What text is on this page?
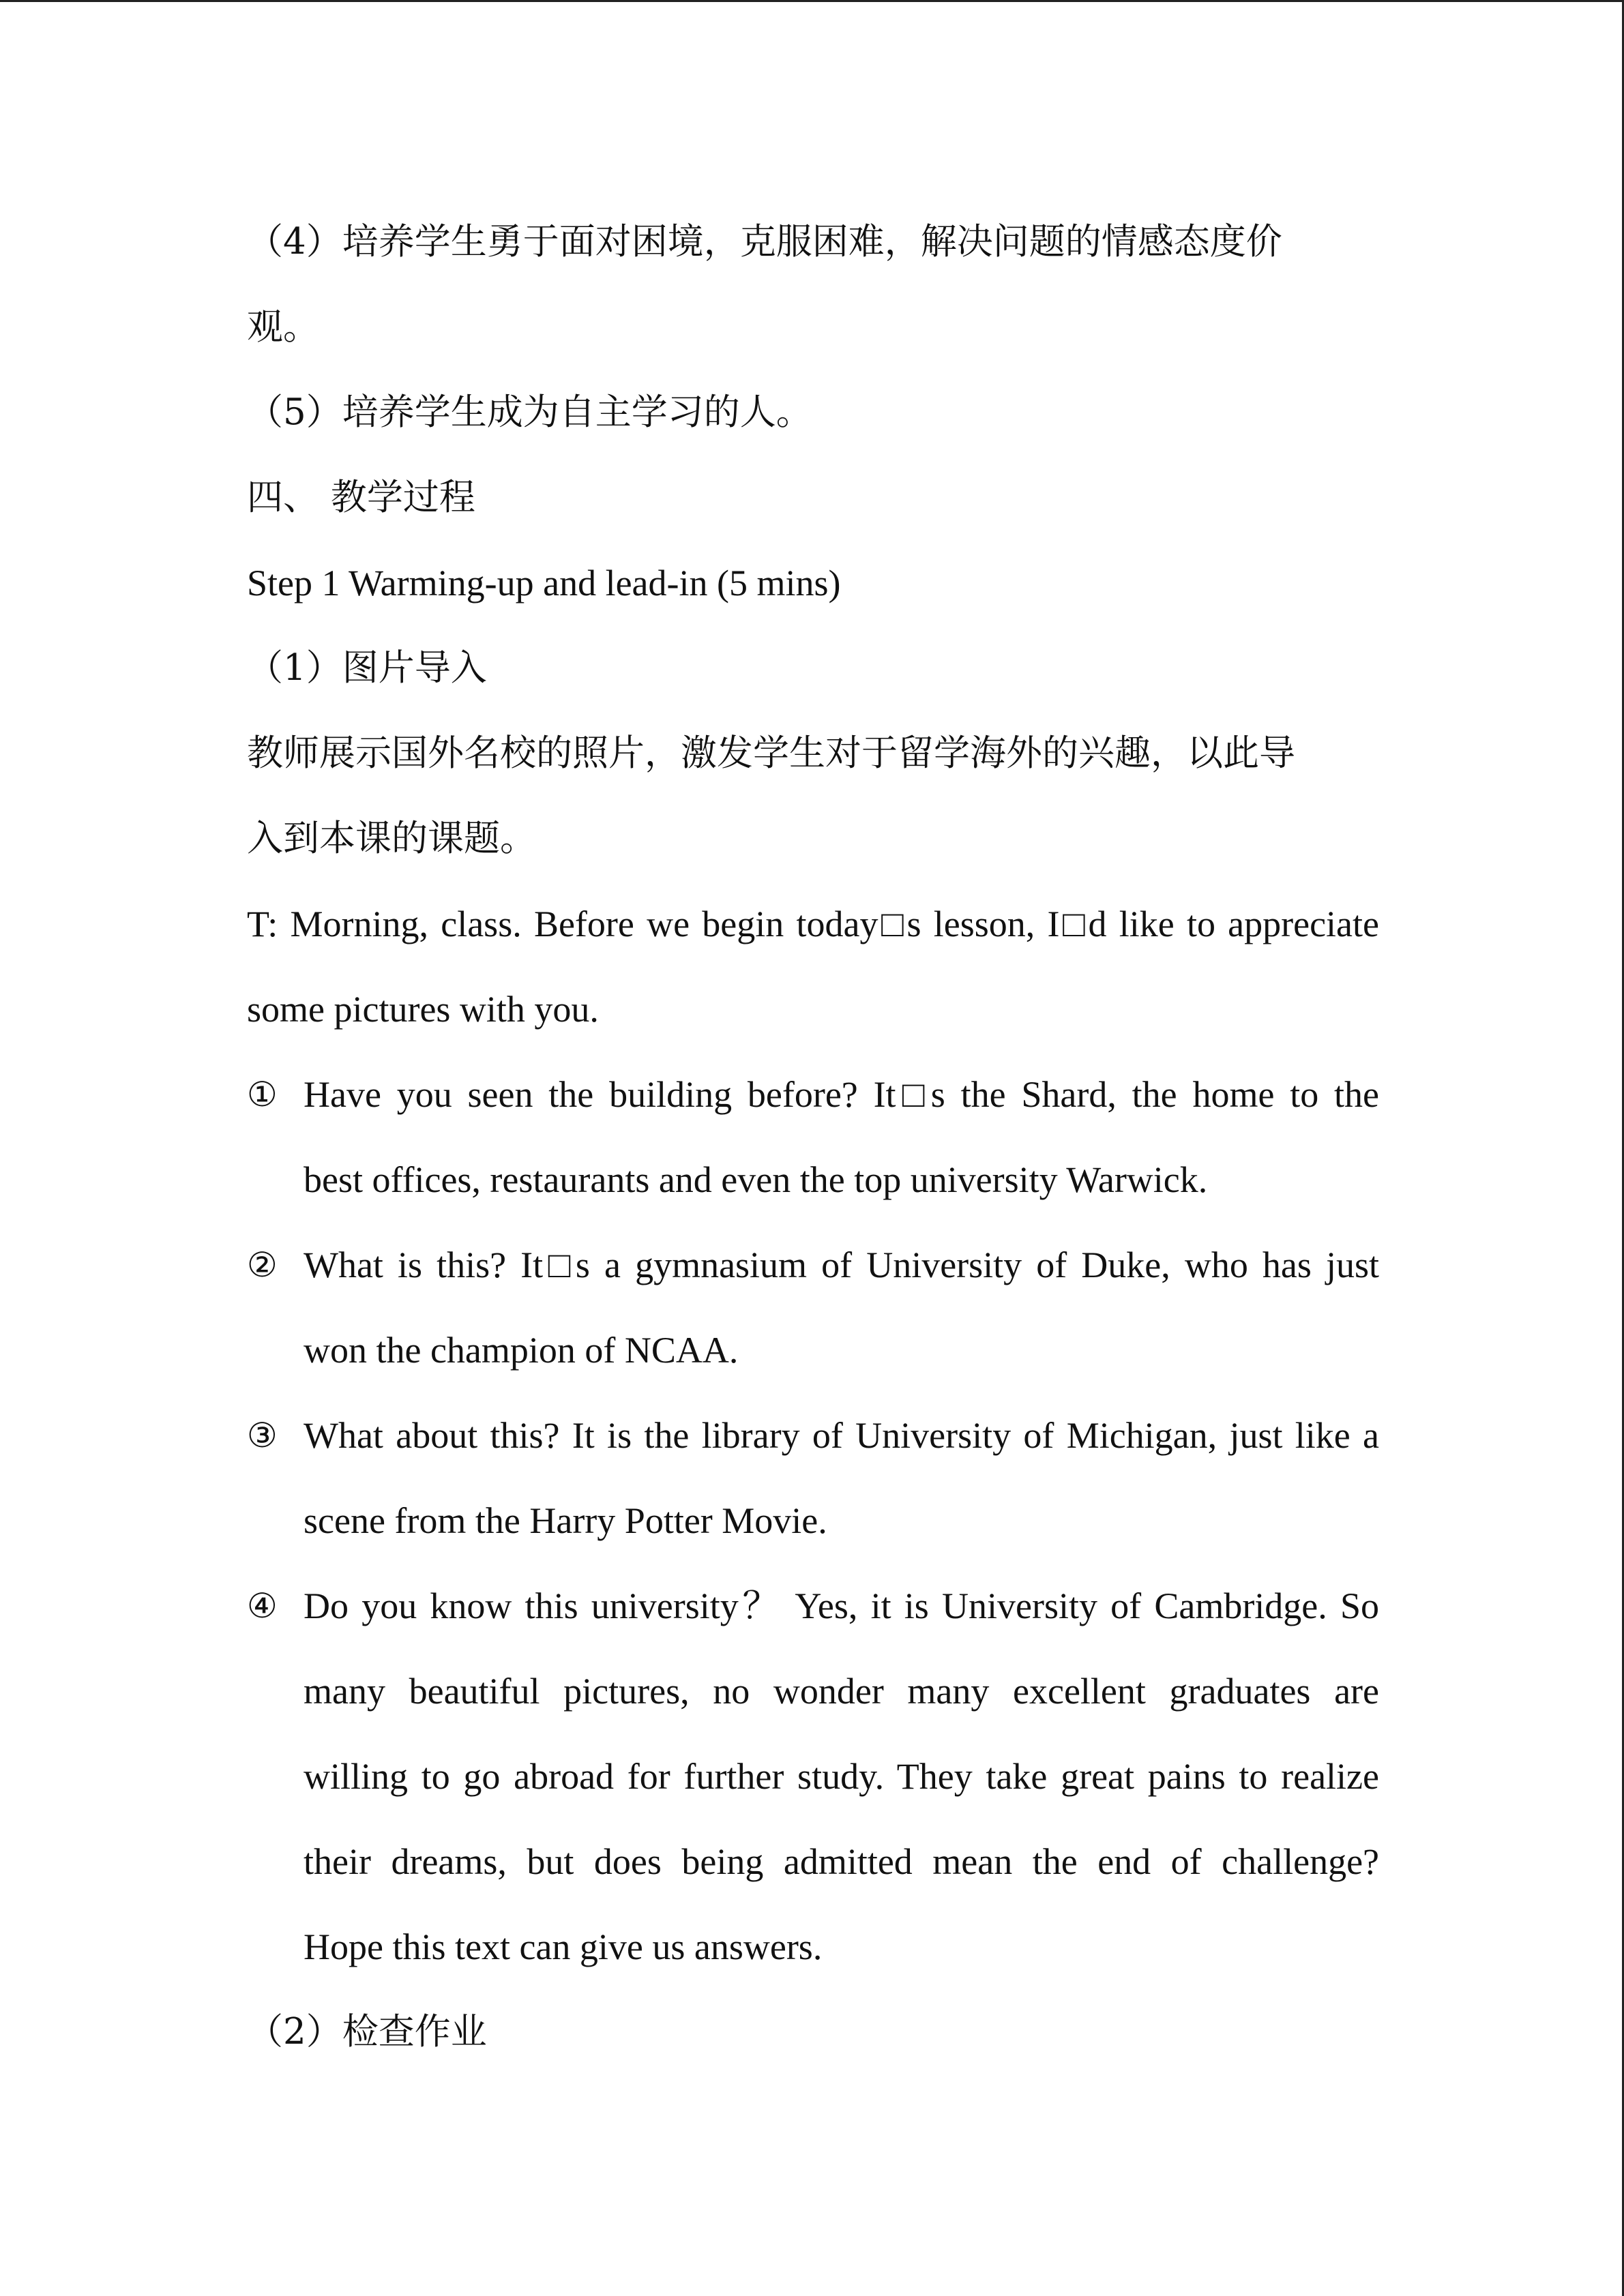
（4）培养学生勇于面对困境，克服困难，解决问题的情感态度价
观。
（5）培养学生成为自主学习的人。
四、 教学过程
Step 1 Warming-up and lead-in (5 mins)
（1）图片导入
教师展示国外名校的照片，激发学生对于留学海外的兴趣，以此导
入到本课的课题。
T: Morning, class. Before we begin today□s lesson, I□d like to appreciate
some pictures with you.
① Have you seen the building before? It□s the Shard, the home to the
best offices, restaurants and even the top university Warwick.
② What is this? It□s a gymnasium of University of Duke, who has just
won the champion of NCAA.
③ What about this? It is the library of University of Michigan, just like a
scene from the Harry Potter Movie.
④ Do you know this university？ Yes, it is University of Cambridge. So
many beautiful pictures, no wonder many excellent graduates are
willing to go abroad for further study. They take great pains to realize
their dreams, but does being admitted mean the end of challenge?
Hope this text can give us answers.
（2）检查作业
